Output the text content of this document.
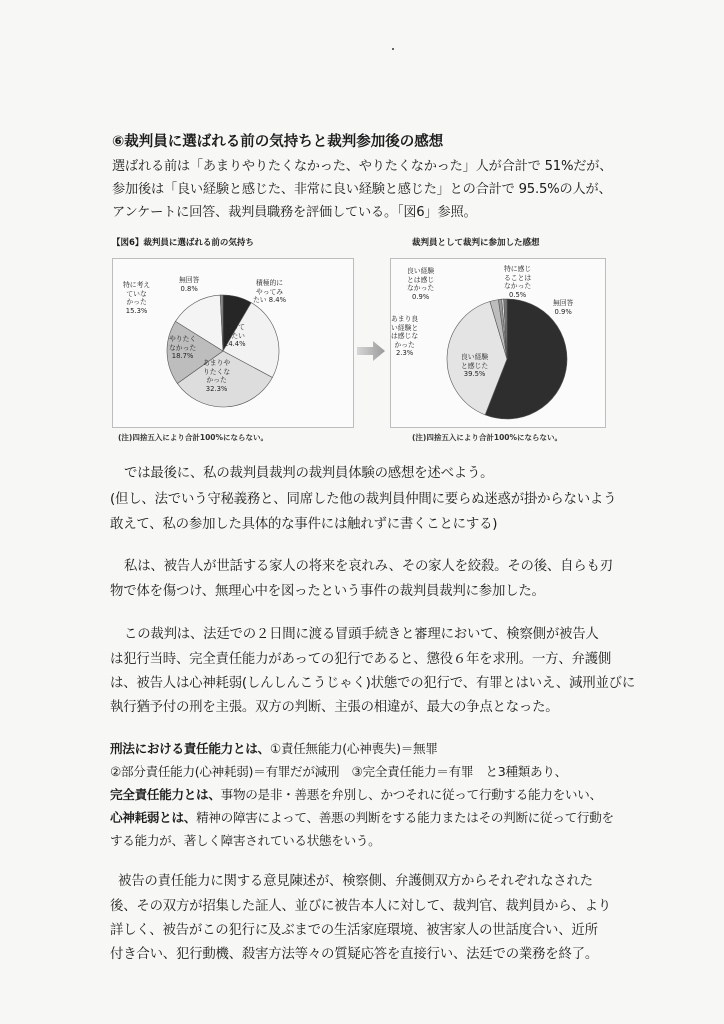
⑥裁判員に選ばれる前の気持ちと裁判参加後の感想
選ばれる前は「あまりやりたくなかった、やりたくなかった」人が合計で 51%だが、
参加後は「良い経験と感じた、非常に良い経験と感じた」との合計で 95.5%の人が、
アンケートに回答、裁判員職務を評価している。「図6」参照。
【図6】裁判員に選ばれる前の気持ち	裁判員として裁判に参加した感想
特に考え
ていな
かった
15.3%
無回答
0.8%
積極的に
やってみ
たい 8.4%
やって
みたい
24.4%
あまりや
りたくな
かった
32.3%
やりたく
なかった
18.7%
良い経験
とは感じ
なかった
0.9%
特に感じ
ることは
なかった
0.5%
無回答
0.9%
あまり良
い経験と
は感じな
かった
2.3%	良い経験
と感じた
39.5%
(注)四捨五入により合計100%にならない。	(注)四捨五入により合計100%にならない。
では最後に、私の裁判員裁判の裁判員体験の感想を述べよう。
(但し、法でいう守秘義務と、同席した他の裁判員仲間に要らぬ迷惑が掛からないよう
敢えて、私の参加した具体的な事件には触れずに書くことにする)
私は、被告人が世話する家人の将来を哀れみ、その家人を絞殺。その後、自らも刃
物で体を傷つけ、無理心中を図ったという事件の裁判員裁判に参加した。
この裁判は、法廷での２日間に渡る冒頭手続きと審理において、検察側が被告人
は犯行当時、完全責任能力があっての犯行であると、懲役６年を求刑。一方、弁護側
は、被告人は心神耗弱(しんしんこうじゃく)状態での犯行で、有罪とはいえ、減刑並びに
執行猶予付の刑を主張。双方の判断、主張の相違が、最大の争点となった。
刑法における責任能力とは、①責任無能力(心神喪失)＝無罪
②部分責任能力(心神耗弱)＝有罪だが減刑　③完全責任能力＝有罪　と3種類あり、
完全責任能力とは、事物の是非・善悪を弁別し、かつそれに従って行動する能力をいい、
心神耗弱とは、精神の障害によって、善悪の判断をする能力またはその判断に従って行動を
する能力が、著しく障害されている状態をいう。
被告の責任能力に関する意見陳述が、検察側、弁護側双方からそれぞれなされた
後、その双方が招集した証人、並びに被告本人に対して、裁判官、裁判員から、より
詳しく、被告がこの犯行に及ぶまでの生活家庭環境、被害家人の世話度合い、近所
付き合い、犯行動機、殺害方法等々の質疑応答を直接行い、法廷での業務を終了。
